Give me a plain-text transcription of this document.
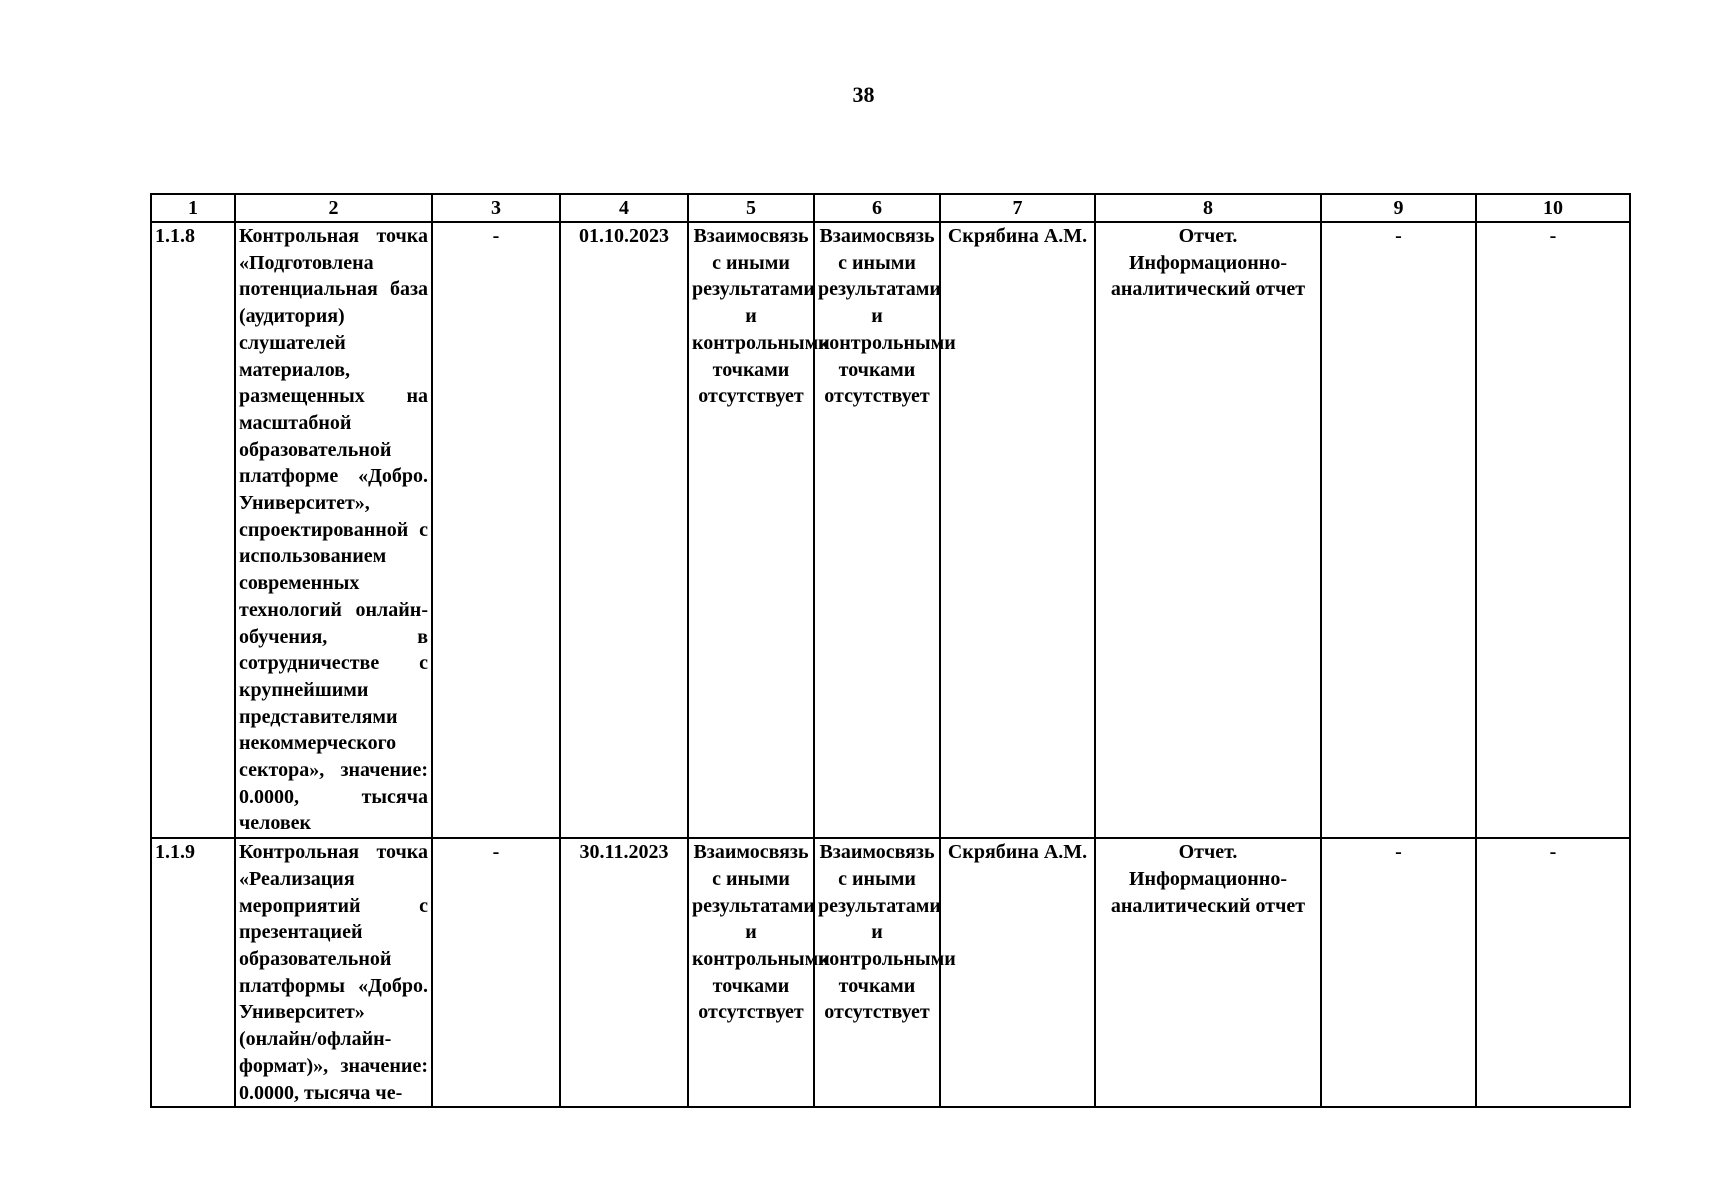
38
1	2	3	4	5	6	7	8	9	10
1.1.8	Контрольная точка «Подготовлена потенциальная база (аудитория) слушателей материалов, размещенных на масштабной образовательной платформе «Добро. Университет», спроектированной с использованием современных технологий онлайн-обучения, в сотрудничестве с крупнейшими представителями некоммерческого сектора», значение: 0.0000, тысяча человек	-	01.10.2023	Взаимосвязь с иными результатами и контрольными точками отсутствует	Взаимосвязь с иными результатами и контрольными точками отсутствует	Скрябина А.М.	Отчет. Информационно-аналитический отчет	-	-
1.1.9	Контрольная точка «Реализация мероприятий с презентацией образовательной платформы «Добро. Университет» (онлайн/офлайн-формат)», значение: 0.0000, тысяча че-	-	30.11.2023	Взаимосвязь с иными результатами и контрольными точками отсутствует	Взаимосвязь с иными результатами и контрольными точками отсутствует	Скрябина А.М.	Отчет. Информационно-аналитический отчет	-	-
